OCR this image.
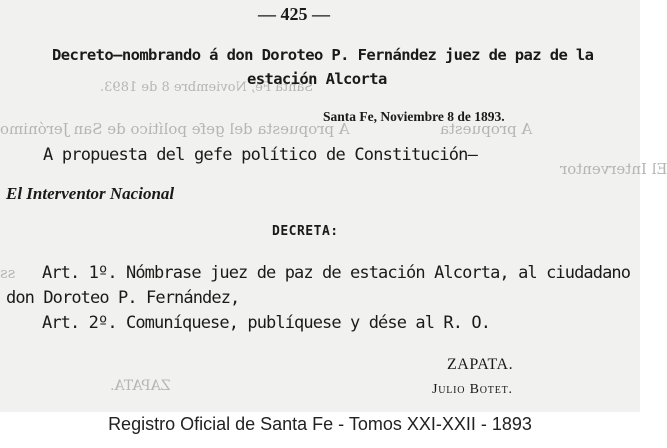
Santa Fe, Noviembre 8 de 1893.
A propuesta del gefe político de San Jerónimo	A propuesta
El Interventor
ss
ZAPATA.
— 425 —
Decreto—nombrando á don Doroteo P. Fernández juez de paz de la
estación Alcorta
Santa Fe, Noviembre 8 de 1893.
A propuesta del gefe político de Constitución—
El Interventor Nacional
DECRETA:
Art. 1º. Nómbrase juez de paz de estación Alcorta, al ciudadano
don Doroteo P. Fernández,
Art. 2º. Comuníquese, publíquese y dése al R. O.
ZAPATA.
Julio Botet.
Registro Oficial de Santa Fe - Tomos XXI-XXII - 1893
